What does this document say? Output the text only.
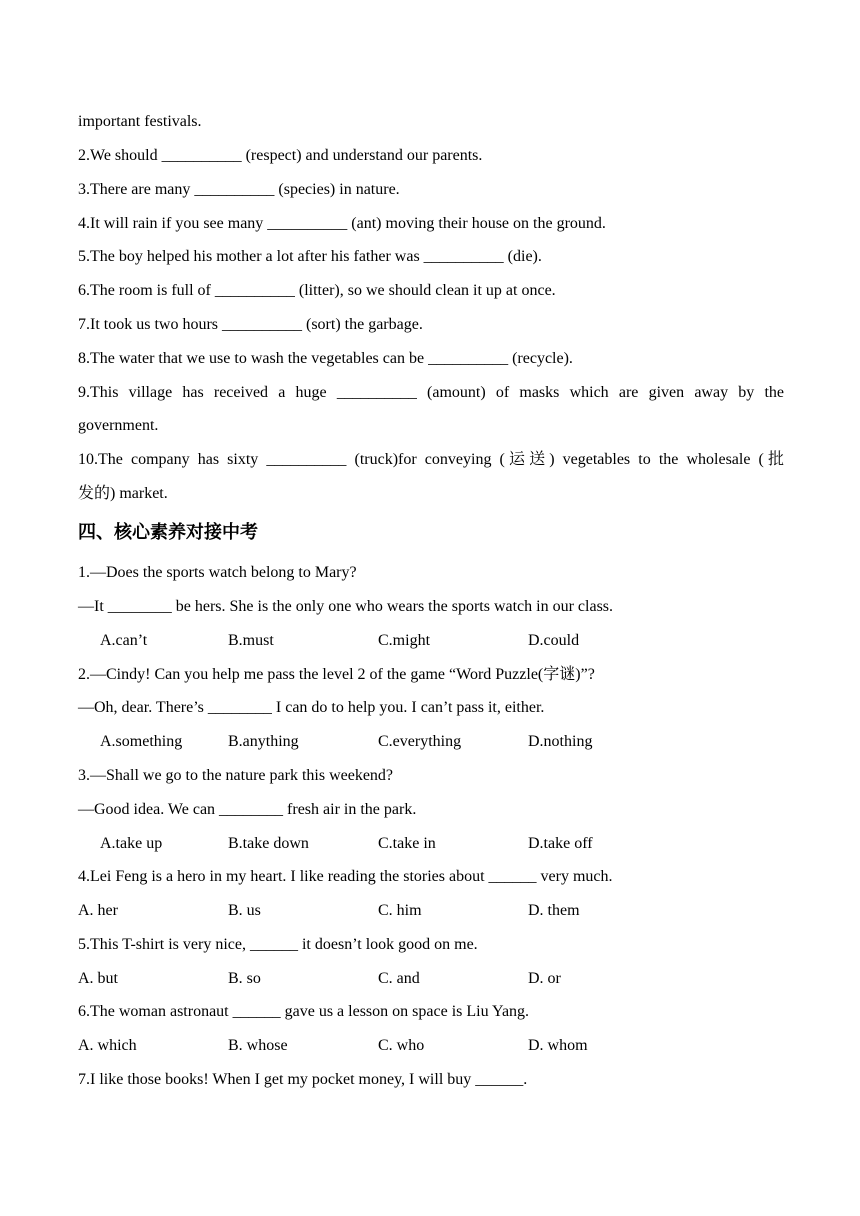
important festivals.
2.We should __________ (respect) and understand our parents.
3.There are many __________ (species) in nature.
4.It will rain if you see many __________ (ant) moving their house on the ground.
5.The boy helped his mother a lot after his father was __________ (die).
6.The room is full of __________ (litter), so we should clean it up at once.
7.It took us two hours __________ (sort) the garbage.
8.The water that we use to wash the vegetables can be __________ (recycle).
9.This village has received a huge __________ (amount) of masks which are given away by the
government.
10.The company has sixty __________ (truck)for conveying (运送) vegetables to the wholesale (批
发的) market.
四、核心素养对接中考
1.—Does the sports watch belong to Mary?
—It ________ be hers. She is the only one who wears the sports watch in our class.
A.can’t	B.must	C.might	D.could
2.—Cindy! Can you help me pass the level 2 of the game “Word Puzzle(字谜)”?
—Oh, dear. There’s ________ I can do to help you. I can’t pass it, either.
A.something	B.anything	C.everything	D.nothing
3.—Shall we go to the nature park this weekend?
—Good idea. We can ________ fresh air in the park.
A.take up	B.take down	C.take in	D.take off
4.Lei Feng is a hero in my heart. I like reading the stories about ______ very much.
A. her	B. us	C. him	D. them
5.This T-shirt is very nice, ______ it doesn’t look good on me.
A. but	B. so	C. and	D. or
6.The woman astronaut ______ gave us a lesson on space is Liu Yang.
A. which	B. whose	C. who	D. whom
7.I like those books! When I get my pocket money, I will buy ______.
